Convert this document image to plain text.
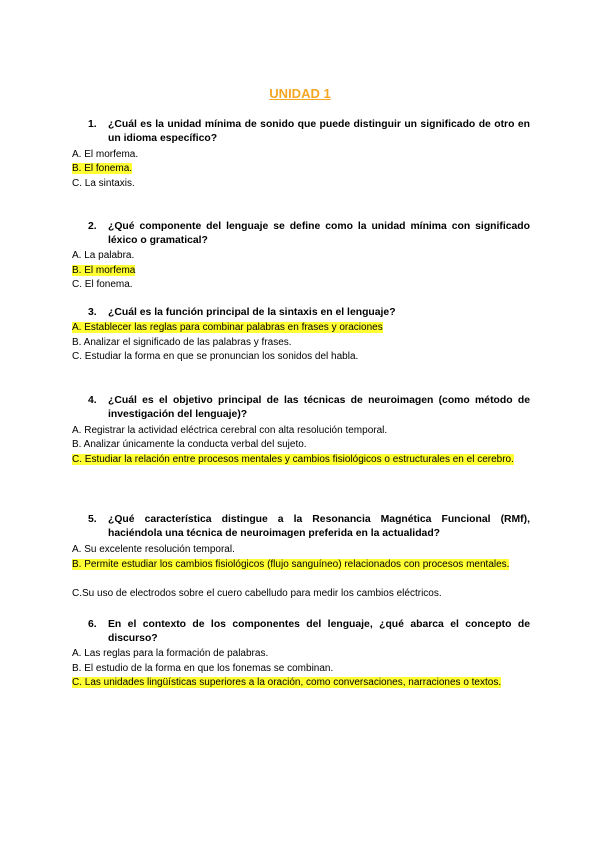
UNIDAD 1
1.	¿Cuál es la unidad mínima de sonido que puede distinguir un significado de otro en un idioma específico?
A. El morfema.
B. El fonema.
C. La sintaxis.
2.	¿Qué componente del lenguaje se define como la unidad mínima con significado léxico o gramatical?
A. La palabra.
B. El morfema
C. El fonema.
3.	¿Cuál es la función principal de la sintaxis en el lenguaje?
A. Establecer las reglas para combinar palabras en frases y oraciones
B. Analizar el significado de las palabras y frases.
C. Estudiar la forma en que se pronuncian los sonidos del habla.
4.	¿Cuál es el objetivo principal de las técnicas de neuroimagen (como método de investigación del lenguaje)?
A. Registrar la actividad eléctrica cerebral con alta resolución temporal.
B. Analizar únicamente la conducta verbal del sujeto.
C. Estudiar la relación entre procesos mentales y cambios fisiológicos o estructurales en el cerebro.
5.	¿Qué característica distingue a la Resonancia Magnética Funcional (RMf), haciéndola una técnica de neuroimagen preferida en la actualidad?
A. Su excelente resolución temporal.
B. Permite estudiar los cambios fisiológicos (flujo sanguíneo) relacionados con procesos mentales.
C.Su uso de electrodos sobre el cuero cabelludo para medir los cambios eléctricos.
6.	En el contexto de los componentes del lenguaje, ¿qué abarca el concepto de discurso?
A. Las reglas para la formación de palabras.
B. El estudio de la forma en que los fonemas se combinan.
C. Las unidades lingüísticas superiores a la oración, como conversaciones, narraciones o textos.
